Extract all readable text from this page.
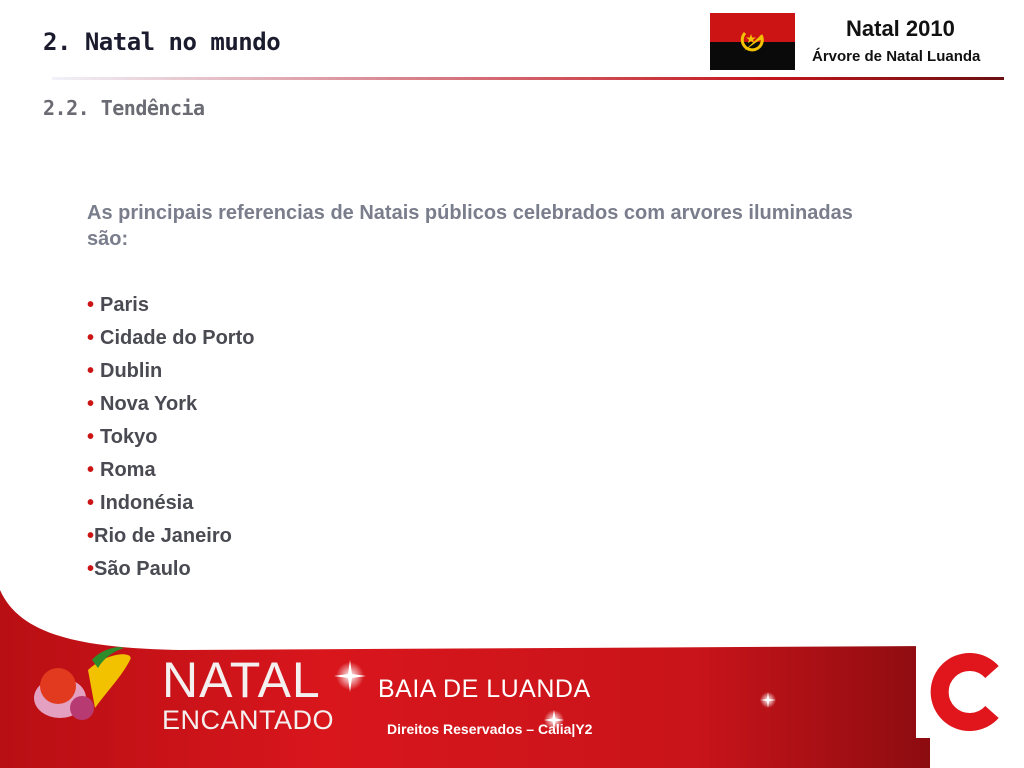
2. Natal no mundo
2.2. Tendência
Natal 2010
Árvore de Natal Luanda
As principais referencias de Natais públicos celebrados com arvores iluminadas são:
• Paris
• Cidade do Porto
• Dublin
• Nova York
• Tokyo
• Roma
• Indonésia
•Rio de Janeiro
•São Paulo
NATAL
ENCANTADO
BAIA DE LUANDA
Direitos Reservados – Calia|Y2
